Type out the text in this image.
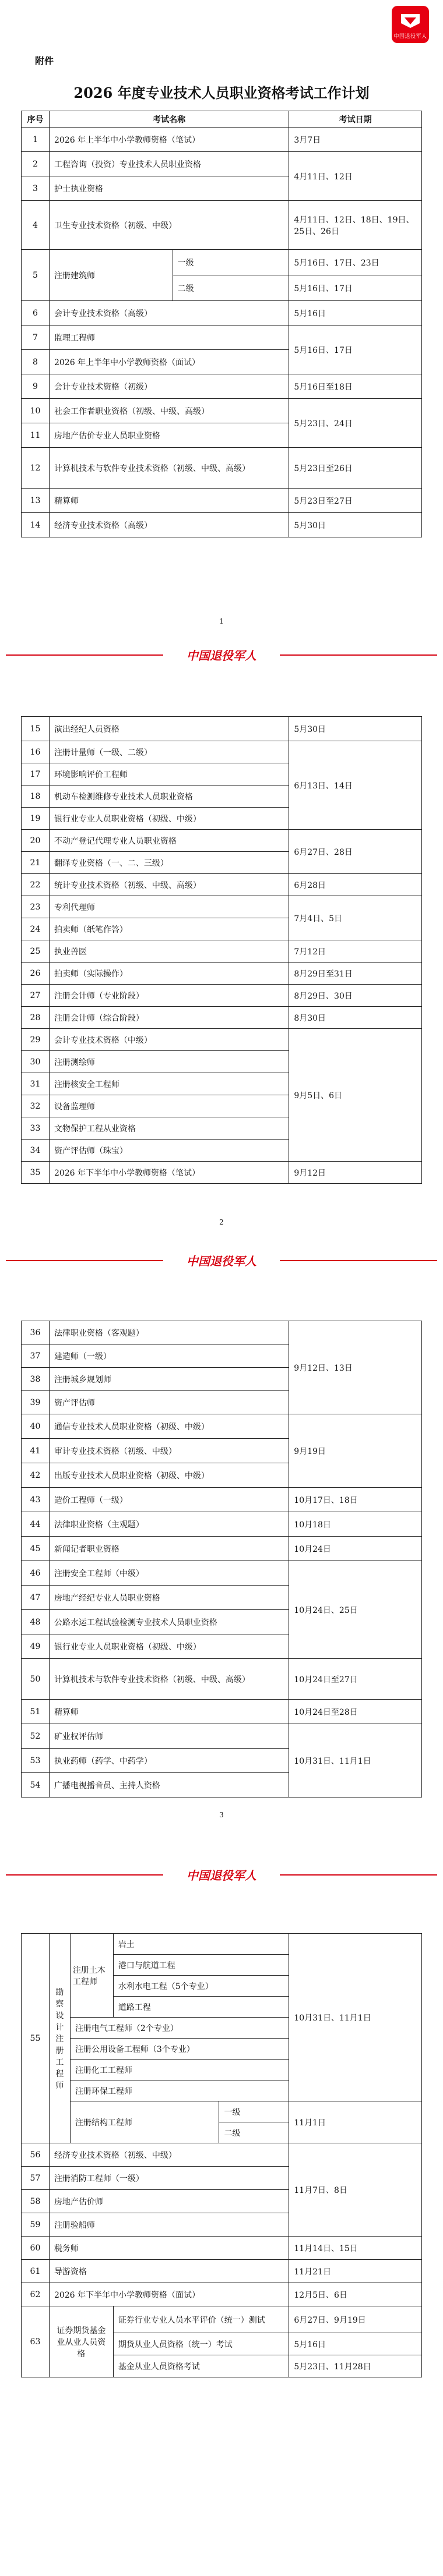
中国退役军人
附件
2026 年度专业技术人员职业资格考试工作计划
序号	考试名称		考试日期
1	2026 年上半年中小学教师资格（笔试）		3月7日
2	工程咨询（投资）专业技术人员职业资格		4月11日、12日
3	护士执业资格		
4	卫生专业技术资格（初级、中级）		4月11日、12日、18日、19日、25日、26日
5	注册建筑师	一级	5月16日、17日、23日
		二级	5月16日、17日
6	会计专业技术资格（高级）		5月16日
7	监理工程师		5月16日、17日
8	2026 年上半年中小学教师资格（面试）		
9	会计专业技术资格（初级）		5月16日至18日
10	社会工作者职业资格（初级、中级、高级）		5月23日、24日
11	房地产估价专业人员职业资格		
12	计算机技术与软件专业技术资格（初级、中级、高级）		5月23日至26日
13	精算师		5月23日至27日
14	经济专业技术资格（高级）		5月30日
1
中国退役军人
15	演出经纪人员资格	5月30日
16	注册计量师（一级、二级）	6月13日、14日
17	环境影响评价工程师	
18	机动车检测维修专业技术人员职业资格	
19	银行业专业人员职业资格（初级、中级）	
20	不动产登记代理专业人员职业资格	6月27日、28日
21	翻译专业资格（一、二、三级）	
22	统计专业技术资格（初级、中级、高级）	6月28日
23	专利代理师	7月4日、5日
24	拍卖师（纸笔作答）	
25	执业兽医	7月12日
26	拍卖师（实际操作）	8月29日至31日
27	注册会计师（专业阶段）	8月29日、30日
28	注册会计师（综合阶段）	8月30日
29	会计专业技术资格（中级）	9月5日、6日
30	注册测绘师	
31	注册核安全工程师	
32	设备监理师	
33	文物保护工程从业资格	
34	资产评估师（珠宝）	
35	2026 年下半年中小学教师资格（笔试）	9月12日
2
中国退役军人
36	法律职业资格（客观题）	9月12日、13日
37	建造师（一级）	
38	注册城乡规划师	
39	资产评估师	
40	通信专业技术人员职业资格（初级、中级）	9月19日
41	审计专业技术资格（初级、中级）	
42	出版专业技术人员职业资格（初级、中级）	
43	造价工程师（一级）	10月17日、18日
44	法律职业资格（主观题）	10月18日
45	新闻记者职业资格	10月24日
46	注册安全工程师（中级）	10月24日、25日
47	房地产经纪专业人员职业资格	
48	公路水运工程试验检测专业技术人员职业资格	
49	银行业专业人员职业资格（初级、中级）	
50	计算机技术与软件专业技术资格（初级、中级、高级）	10月24日至27日
51	精算师	10月24日至28日
52	矿业权评估师	10月31日、11月1日
53	执业药师（药学、中药学）	
54	广播电视播音员、主持人资格	
3
中国退役军人
55	勘察设计注册工程师	注册土木工程师	岩土		10月31日、11月1日
			港口与航道工程		
			水利水电工程（5个专业）		
			道路工程		
		注册电气工程师（2个专业）			
		注册公用设备工程师（3个专业）			
		注册化工工程师			
		注册环保工程师			
		注册结构工程师		一级	11月1日
				二级	
56	经济专业技术资格（初级、中级）				11月7日、8日
57	注册消防工程师（一级）				
58	房地产估价师				
59	注册验船师				
60	税务师				11月14日、15日
61	导游资格				11月21日
62	2026 年下半年中小学教师资格（面试）				12月5日、6日
63	证券期货基金业从业人员资格		证券行业专业人员水平评价（统一）测试		6月27日、9月19日
			期货从业人员资格（统一）考试		5月16日
			基金从业人员资格考试		5月23日、11月28日
